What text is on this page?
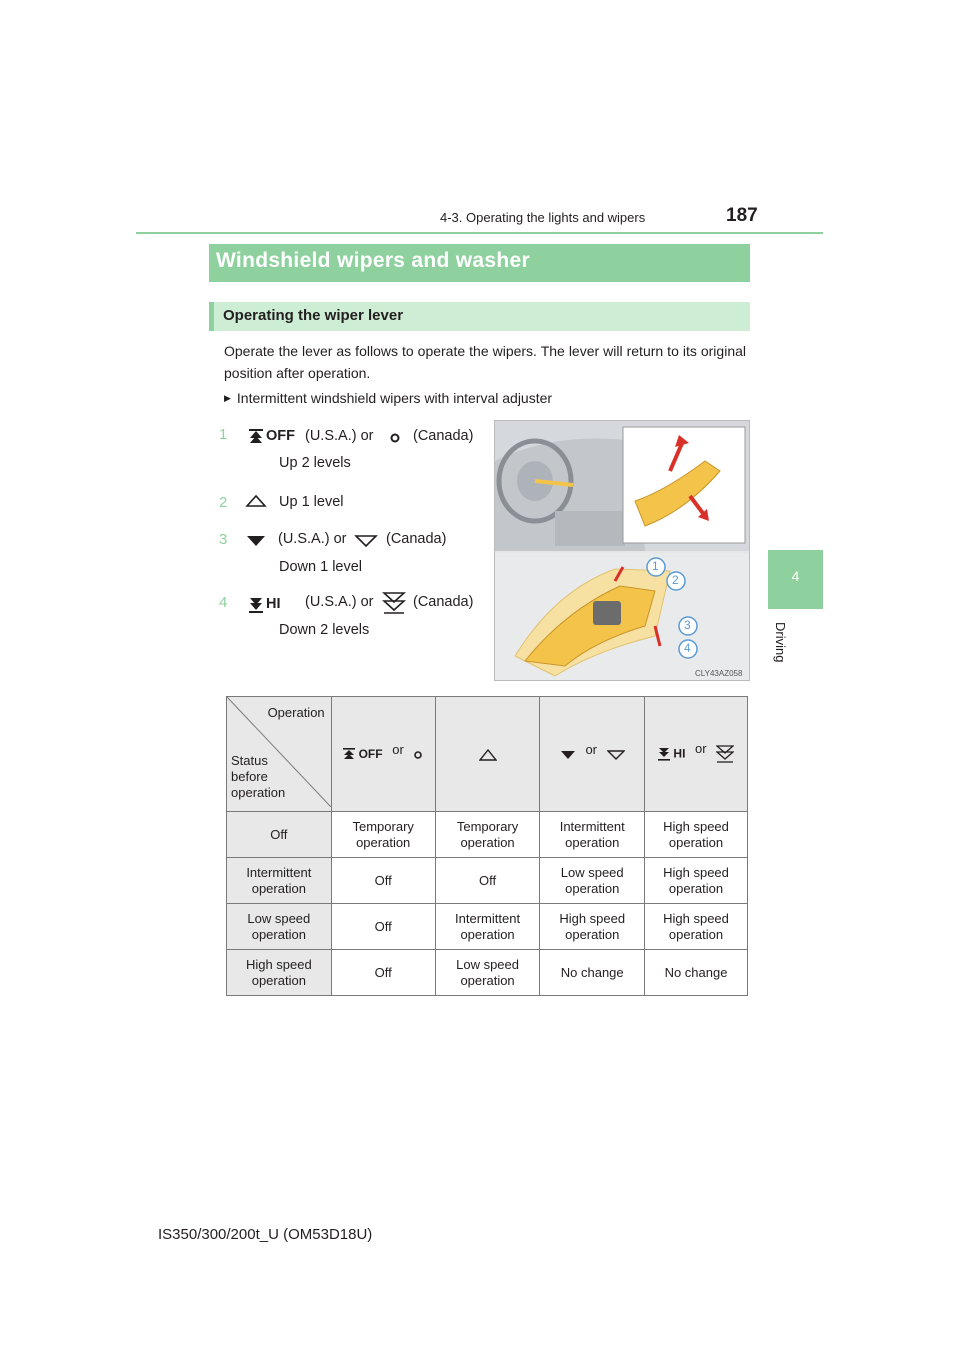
4-3. Operating the lights and wipers	187
4
Driving
Windshield wipers and washer
Operating the wiper lever
Operate the lever as follows to operate the wipers. The lever will return to its original position after operation.
▶ Intermittent windshield wipers with interval adjuster
1	OFF (U.S.A.) or	(Canada)
Up 2 levels
2	Up 1 level
3	(U.S.A.) or	(Canada)
Down 1 level
4	HI (U.S.A.) or	(Canada)
Down 2 levels
1
2
3
4
CLY43AZ058
Operation
Status before operation	OFF or		or	HI or
Off	Temporary operation	Temporary operation	Intermittent operation	High speed operation
Intermittent operation	Off	Off	Low speed operation	High speed operation
Low speed operation	Off	Intermittent operation	High speed operation	High speed operation
High speed operation	Off	Low speed operation	No change	No change
IS350/300/200t_U (OM53D18U)
